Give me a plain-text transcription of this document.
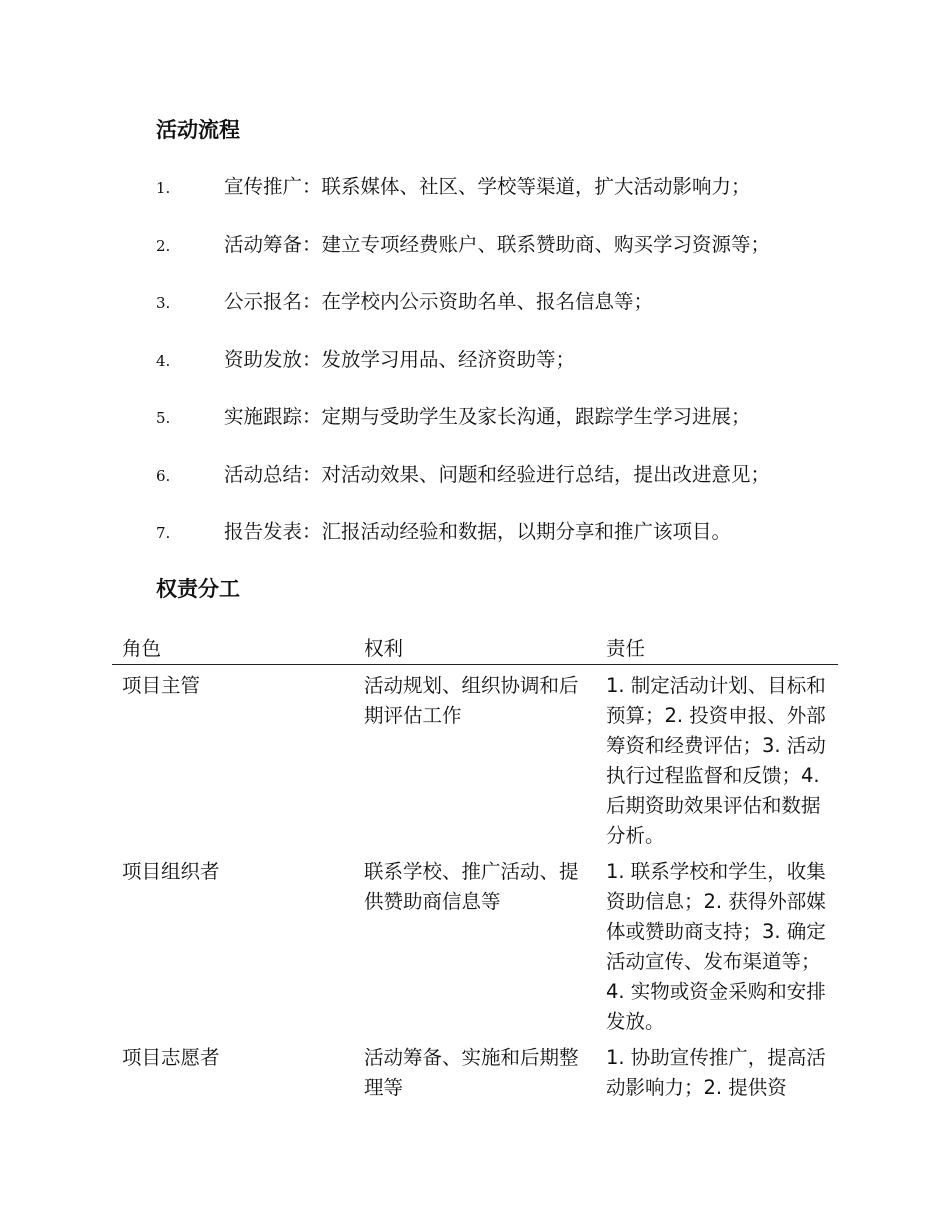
活动流程
1.	宣传推广：联系媒体、社区、学校等渠道，扩大活动影响力；
2.	活动筹备：建立专项经费账户、联系赞助商、购买学习资源等；
3.	公示报名：在学校内公示资助名单、报名信息等；
4.	资助发放：发放学习用品、经济资助等；
5.	实施跟踪：定期与受助学生及家长沟通，跟踪学生学习进展；
6.	活动总结：对活动效果、问题和经验进行总结，提出改进意见；
7.	报告发表：汇报活动经验和数据，以期分享和推广该项目。
权责分工
角色	权利	责任
项目主管	活动规划、组织协调和后期评估工作	1. 制定活动计划、目标和预算；2. 投资申报、外部筹资和经费评估；3. 活动执行过程监督和反馈；4. 后期资助效果评估和数据分析。
项目组织者	联系学校、推广活动、提供赞助商信息等	1. 联系学校和学生，收集资助信息；2. 获得外部媒体或赞助商支持；3. 确定活动宣传、发布渠道等；4. 实物或资金采购和安排发放。
项目志愿者	活动筹备、实施和后期整理等	1. 协助宣传推广，提高活动影响力；2. 提供资
